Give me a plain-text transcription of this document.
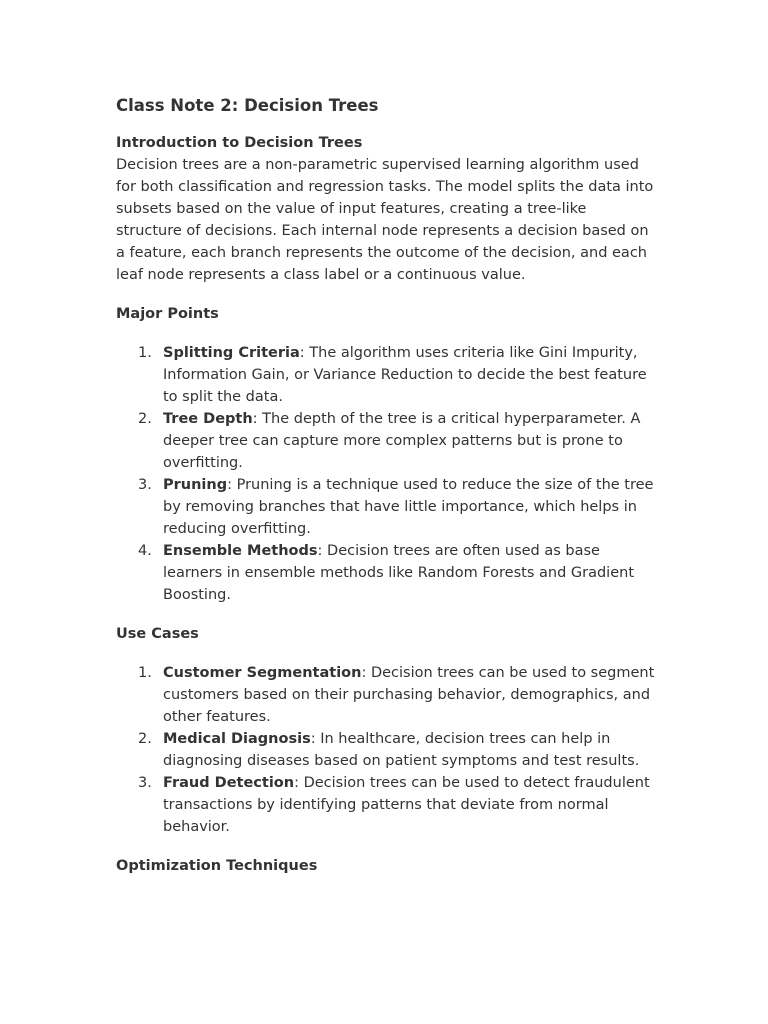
Class Note 2: Decision Trees
Introduction to Decision Trees

Decision trees are a non-parametric supervised learning algorithm used for both classification and regression tasks. The model splits the data into subsets based on the value of input features, creating a tree-like structure of decisions. Each internal node represents a decision based on a feature, each branch represents the outcome of the decision, and each leaf node represents a class label or a continuous value.

Major Points
1. Splitting Criteria: The algorithm uses criteria like Gini Impurity, Information Gain, or Variance Reduction to decide the best feature to split the data.
2. Tree Depth: The depth of the tree is a critical hyperparameter. A deeper tree can capture more complex patterns but is prone to overfitting.
3. Pruning: Pruning is a technique used to reduce the size of the tree by removing branches that have little importance, which helps in reducing overfitting.
4. Ensemble Methods: Decision trees are often used as base learners in ensemble methods like Random Forests and Gradient Boosting.
Use Cases
1. Customer Segmentation: Decision trees can be used to segment customers based on their purchasing behavior, demographics, and other features.
2. Medical Diagnosis: In healthcare, decision trees can help in diagnosing diseases based on patient symptoms and test results.
3. Fraud Detection: Decision trees can be used to detect fraudulent transactions by identifying patterns that deviate from normal behavior.
Optimization Techniques
